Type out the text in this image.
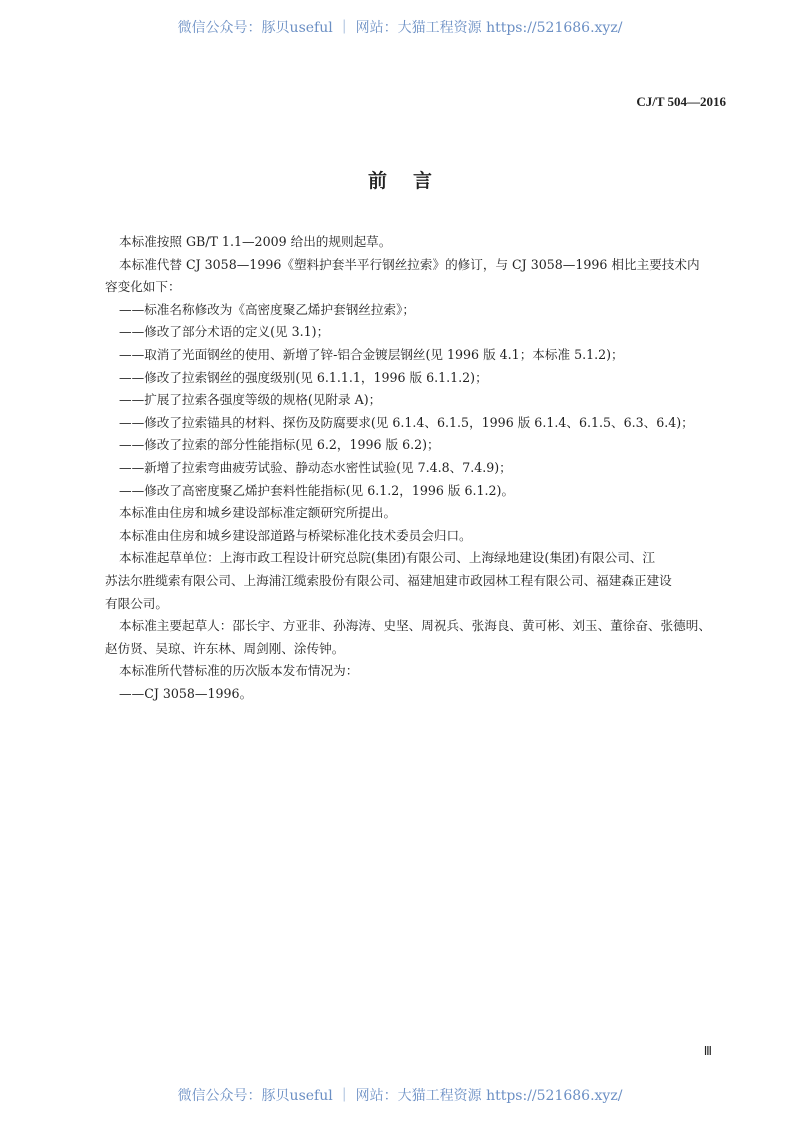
微信公众号：豚贝useful ｜ 网站：大猫工程资源 https://521686.xyz/
CJ/T 504—2016
前言
本标准按照 GB/T 1.1—2009 给出的规则起草。
本标准代替 CJ 3058—1996《塑料护套半平行钢丝拉索》的修订，与 CJ 3058—1996 相比主要技术内
容变化如下：
——标准名称修改为《高密度聚乙烯护套钢丝拉索》；
——修改了部分术语的定义(见 3.1)；
——取消了光面钢丝的使用、新增了锌-铝合金镀层钢丝(见 1996 版 4.1；本标准 5.1.2)；
——修改了拉索钢丝的强度级别(见 6.1.1.1，1996 版 6.1.1.2)；
——扩展了拉索各强度等级的规格(见附录 A)；
——修改了拉索锚具的材料、探伤及防腐要求(见 6.1.4、6.1.5，1996 版 6.1.4、6.1.5、6.3、6.4)；
——修改了拉索的部分性能指标(见 6.2，1996 版 6.2)；
——新增了拉索弯曲疲劳试验、静动态水密性试验(见 7.4.8、7.4.9)；
——修改了高密度聚乙烯护套料性能指标(见 6.1.2，1996 版 6.1.2)。
本标准由住房和城乡建设部标准定额研究所提出。
本标准由住房和城乡建设部道路与桥梁标准化技术委员会归口。
本标准起草单位：上海市政工程设计研究总院(集团)有限公司、上海绿地建设(集团)有限公司、江
苏法尔胜缆索有限公司、上海浦江缆索股份有限公司、福建旭建市政园林工程有限公司、福建森正建设
有限公司。
本标准主要起草人：邵长宇、方亚非、孙海涛、史坚、周祝兵、张海良、黄可彬、刘玉、董徐奋、张德明、
赵仿贤、吴琼、许东林、周剑刚、涂传钟。
本标准所代替标准的历次版本发布情况为：
——CJ 3058—1996。
Ⅲ
微信公众号：豚贝useful ｜ 网站：大猫工程资源 https://521686.xyz/
